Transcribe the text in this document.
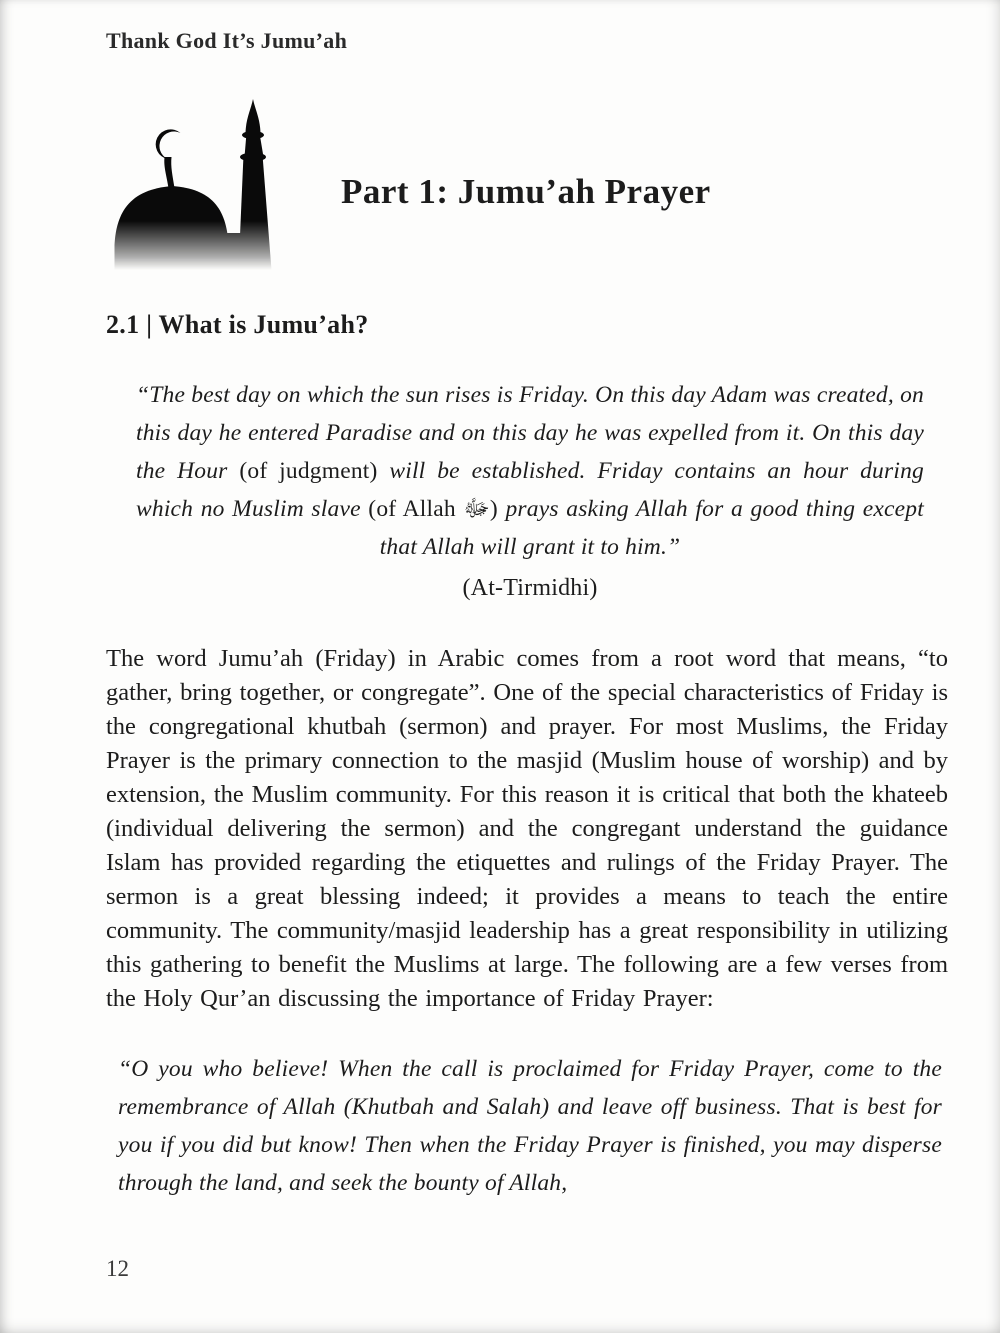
Thank God It’s Jumu’ah
Part 1: Jumu’ah Prayer
2.1 | What is Jumu’ah?

“The best day on which the sun rises is Friday. On this day Adam was created, on this day he entered Paradise and on this day he was expelled from it. On this day the Hour (of judgment) will be established. Friday contains an hour during which no Muslim slave (of Allah ﷻ) prays asking Allah for a good thing except that Allah will grant it to him.”
(At-Tirmidhi)

The word Jumu’ah (Friday) in Arabic comes from a root word that means, “to gather, bring together, or congregate”. One of the special characteristics of Friday is the congregational khutbah (sermon) and prayer. For most Muslims, the Friday Prayer is the primary connection to the masjid (Muslim house of worship) and by extension, the Muslim community. For this reason it is critical that both the khateeb (individual delivering the sermon) and the congregant understand the guidance Islam has provided regarding the etiquettes and rulings of the Friday Prayer. The sermon is a great blessing indeed; it provides a means to teach the entire community. The community/masjid leadership has a great responsibility in utilizing this gathering to benefit the Muslims at large. The following are a few verses from the Holy Qur’an discussing the importance of Friday Prayer:

“O you who believe! When the call is proclaimed for Friday Prayer, come to the remembrance of Allah (Khutbah and Salah) and leave off business. That is best for you if you did but know! Then when the Friday Prayer is finished, you may disperse through the land, and seek the bounty of Allah,

12
